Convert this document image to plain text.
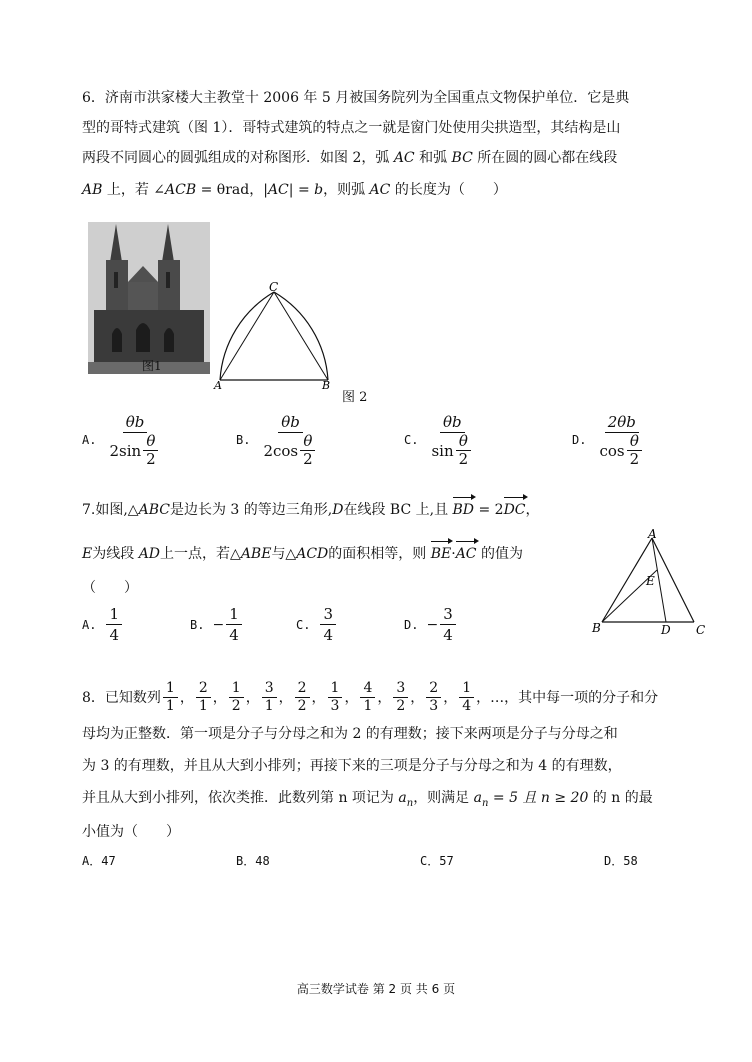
6．济南市洪家楼大主教堂十 2006 年 5 月被国务院列为全国重点文物保护单位．它是典
型的哥特式建筑（图 1）．哥特式建筑的特点之一就是窗门处使用尖拱造型，其结构是山
两段不同圆心的圆弧组成的对称图形．如图 2，弧 AC 和弧 BC 所在圆的圆心都在线段
AB 上，若 ∠ACB = θrad，|AC| = b，则弧 AC 的长度为（　　）
图1
C
A	B
图 2
A. $\frac{\theta b}{2\sin \frac{\theta}{2}}$	B. $\frac{\theta b}{2\cos \frac{\theta}{2}}$	C. $\frac{\theta b}{\sin \frac{\theta}{2}}$	D. $\frac{2\theta b}{\cos \frac{\theta}{2}}$
7.如图,△ABC是边长为 3 的等边三角形,D在线段 BC 上,且 BD = 2DC，
E为线段 AD上一点，若△ABE与△ACD的面积相等，则 BE·AC 的值为
（　　）
A
E
B	D C
A. $\frac{1}{4}$	B. − $\frac{1}{4}$	C. $\frac{3}{4}$	D. − $\frac{3}{4}$
8．已知数列 $\frac{1}{1}$ ， $\frac{2}{1}$ ， $\frac{1}{2}$ ， $\frac{3}{1}$ ， $\frac{2}{2}$ ， $\frac{1}{3}$ ， $\frac{4}{1}$ ， $\frac{3}{2}$ ， $\frac{2}{3}$ ， $\frac{1}{4}$ ， …， 其中每一项的分子和分
母均为正整数．第一项是分子与分母之和为 2 的有理数；接下来两项是分子与分母之和
为 3 的有理数，并且从大到小排列；再接下来的三项是分子与分母之和为 4 的有理数，
并且从大到小排列，依次类推．此数列第 n 项记为 $a_n$，则满足 $a_n = 5$ 且 n ≥ 20 的 n 的最
小值为（　　）
A． 47	B． 48	C． 57	D． 58
高三数学试卷 第 2 页 共 6 页
